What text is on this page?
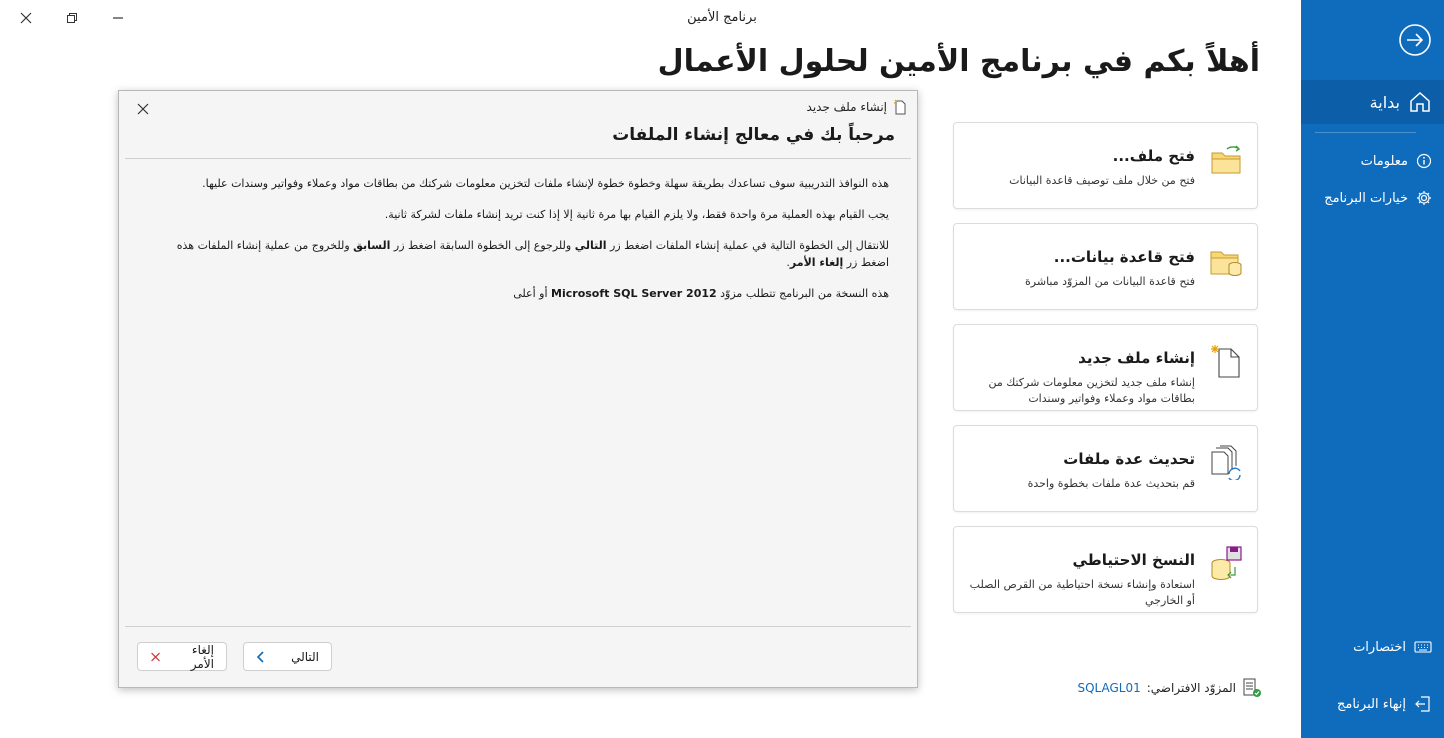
برنامج الأمين
أهلاً بكم في برنامج الأمين لحلول الأعمال
بداية
معلومات
خيارات البرنامج
اختصارات
إنهاء البرنامج
إنشاء ملف جديد
مرحباً بك في معالج إنشاء الملفات

هذه النوافذ التدريبية سوف تساعدك بطريقة سهلة وخطوة خطوة لإنشاء ملفات لتخزين معلومات شركتك من بطاقات مواد وعملاء وفواتير وسندات عليها.

يجب القيام بهذه العملية مرة واحدة فقط، ولا يلزم القيام بها مرة ثانية إلا إذا كنت تريد إنشاء ملفات لشركة ثانية.

للانتقال إلى الخطوة التالية في عملية إنشاء الملفات اضغط زر التالي وللرجوع إلى الخطوة السابقة اضغط زر السابق وللخروج من عملية إنشاء الملفات هذه اضغط زر إلغاء الأمر.

هذه النسخة من البرنامج تتطلب مزوّد Microsoft SQL Server 2012 أو أعلى

التالي
إلغاء الأمر
فتح ملف...
فتح من خلال ملف توصيف قاعدة البيانات
فتح قاعدة بيانات...
فتح قاعدة البيانات من المزوّد مباشرة
إنشاء ملف جديد
إنشاء ملف جديد لتخزين معلومات شركتك من بطاقات مواد وعملاء وفواتير وسندات
تحديث عدة ملفات
قم بتحديث عدة ملفات بخطوة واحدة
النسخ الاحتياطي
استعادة وإنشاء نسخة احتياطية من القرص الصلب أو الخارجي
المزوّد الافتراضي:
SQLAGL01
